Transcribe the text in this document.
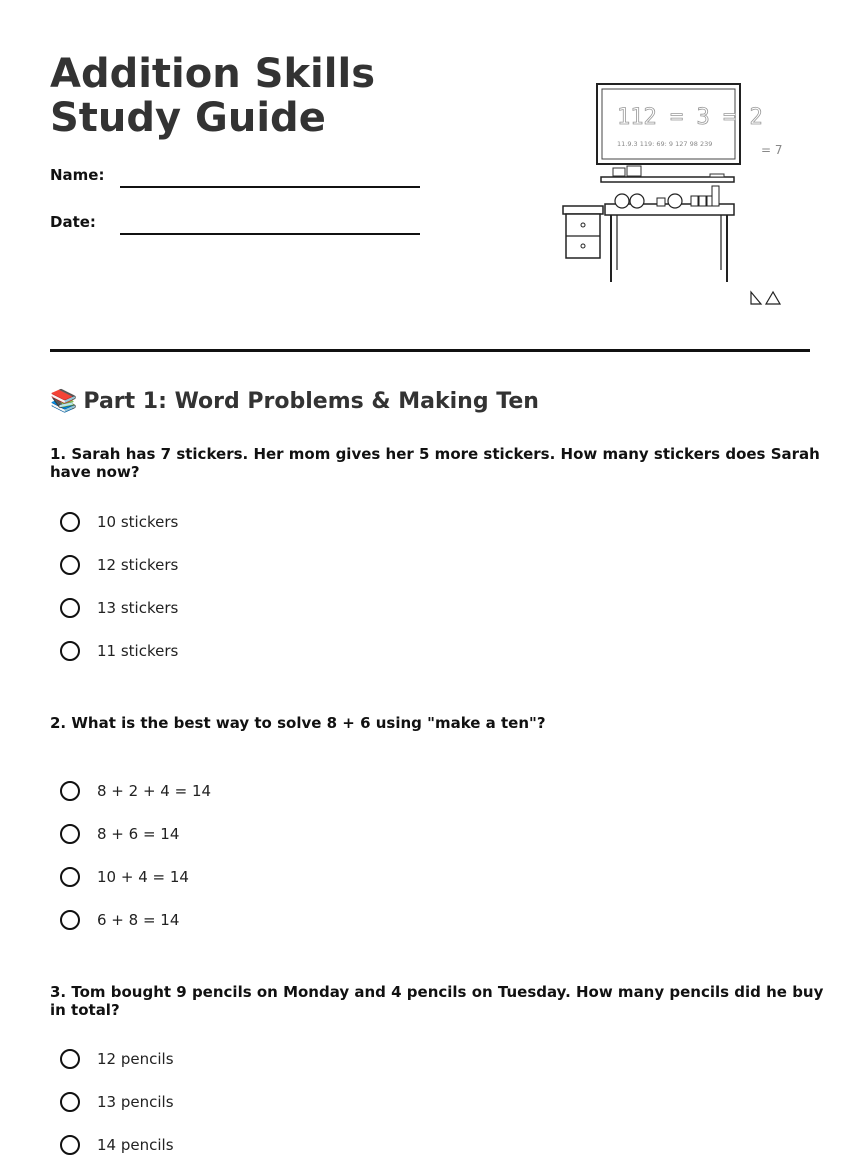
Addition Skills Study Guide
Name:
Date:
112 = 3 = 2
11.9.3 119: 69: 9 127 98 239	= 7
📚 Part 1: Word Problems & Making Ten
1. Sarah has 7 stickers. Her mom gives her 5 more stickers. How many stickers does Sarah have now?
10 stickers
12 stickers
13 stickers
11 stickers
2. What is the best way to solve 8 + 6 using "make a ten"?
8 + 2 + 4 = 14
8 + 6 = 14
10 + 4 = 14
6 + 8 = 14
3. Tom bought 9 pencils on Monday and 4 pencils on Tuesday. How many pencils did he buy in total?
12 pencils
13 pencils
14 pencils
